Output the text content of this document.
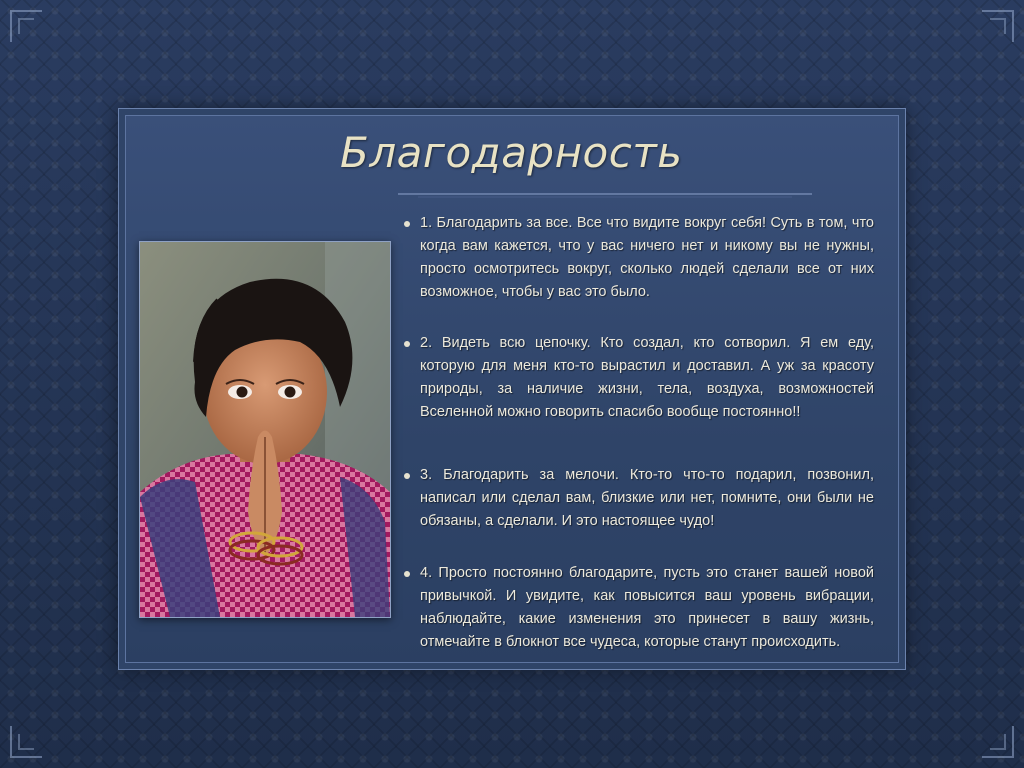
Благодарность
1. Благодарить за все. Все что видите вокруг себя! Суть в том, что когда вам кажется, что у вас ничего нет и никому вы не нужны, просто осмотритесь вокруг, сколько людей сделали все от них возможное, чтобы у вас это было.
2. Видеть всю цепочку. Кто создал, кто сотворил. Я ем еду, которую для меня кто-то вырастил и доставил. А уж за красоту природы, за наличие жизни, тела, воздуха, возможностей Вселенной можно говорить спасибо вообще постоянно!!
3. Благодарить за мелочи. Кто-то что-то подарил, позвонил, написал или сделал вам, близкие или нет, помните, они были не обязаны, а сделали. И это настоящее чудо!
4. Просто постоянно благодарите, пусть это станет вашей новой привычкой. И увидите, как повысится ваш уровень вибрации, наблюдайте, какие изменения это принесет в вашу жизнь, отмечайте в блокнот все чудеса, которые станут происходить.
